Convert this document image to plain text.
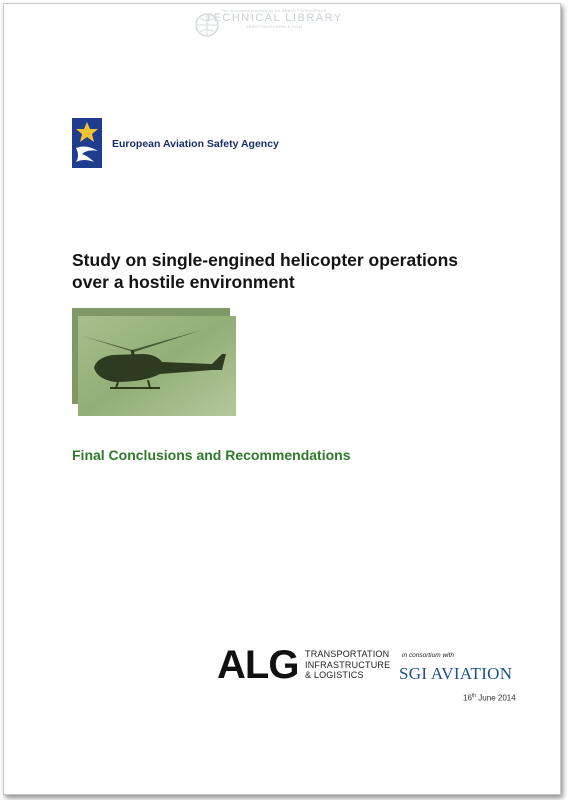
The document provided by the ABBOTT AEROSPACE
TECHNICAL LIBRARY
ABBOTTAEROSPACE.COM
European Aviation Safety Agency
Study on single-engined helicopter operations
over a hostile environment
Final Conclusions and Recommendations
ALG TRANSPORTATION
INFRASTRUCTURE
& LOGISTICS
in consortium with
SGI AVIATION
16th June 2014
